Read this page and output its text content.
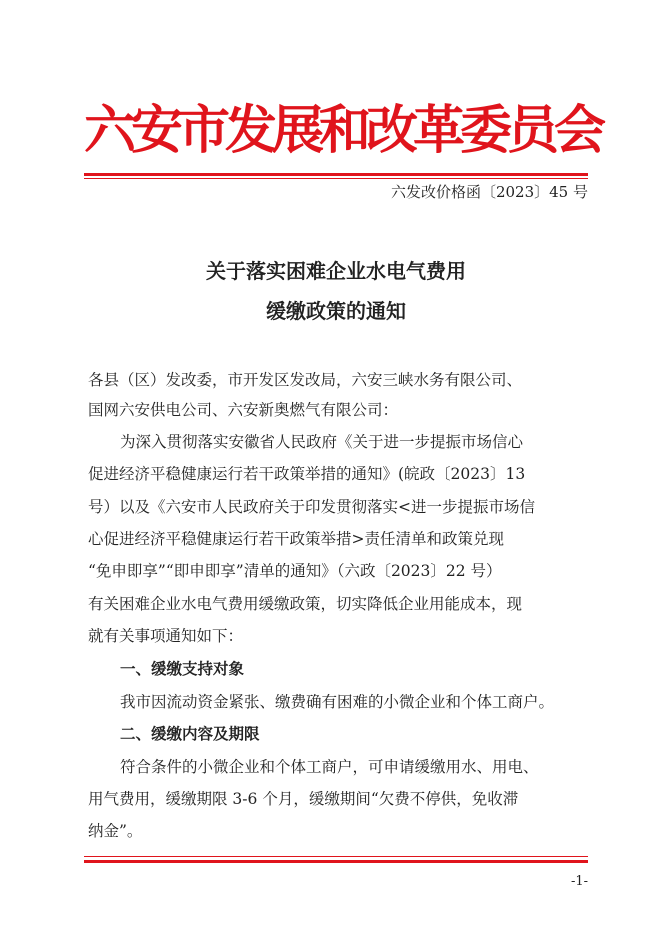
六安市发展和改革委员会
六发改价格函〔2023〕45 号
关于落实困难企业水电气费用
缓缴政策的通知
各县（区）发改委，市开发区发改局，六安三峡水务有限公司、
国网六安供电公司、六安新奥燃气有限公司：
为深入贯彻落实安徽省人民政府《关于进一步提振市场信心
促进经济平稳健康运行若干政策举措的通知》(皖政〔2023〕13
号）以及《六安市人民政府关于印发贯彻落实<进一步提振市场信
心促进经济平稳健康运行若干政策举措>责任清单和政策兑现
“免申即享”“即申即享”清单的通知》（六政〔2023〕22 号）
有关困难企业水电气费用缓缴政策，切实降低企业用能成本，现
就有关事项通知如下：
一、缓缴支持对象
我市因流动资金紧张、缴费确有困难的小微企业和个体工商户。
二、缓缴内容及期限
符合条件的小微企业和个体工商户，可申请缓缴用水、用电、
用气费用，缓缴期限 3-6 个月，缓缴期间“欠费不停供，免收滞
纳金”。
-1-
